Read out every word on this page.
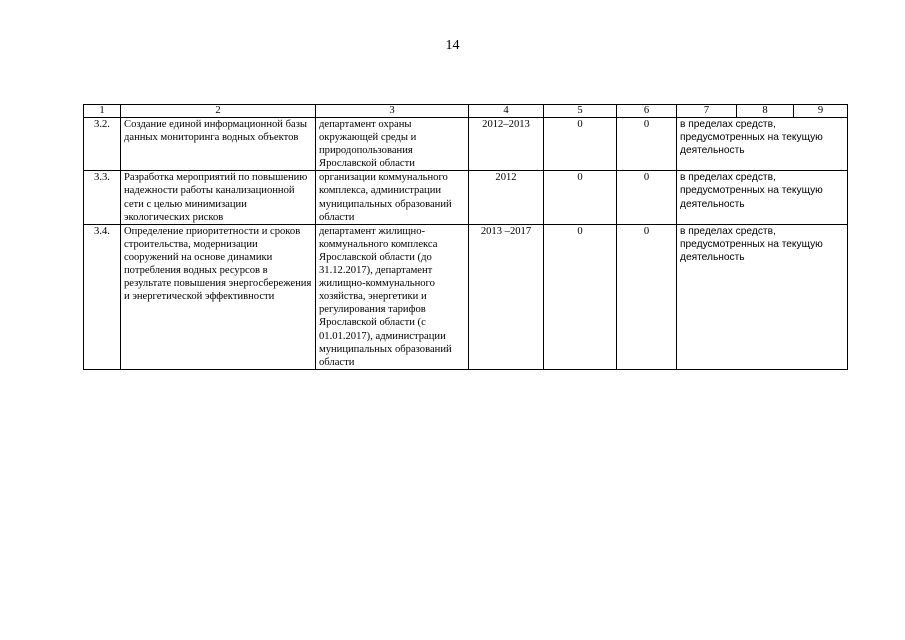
14
1	2	3	4	5	6	7	8	9
3.2.	Создание единой информационной базы данных мониторинга водных объектов	департамент охраны окружающей среды и природопользования Ярославской области	2012–2013	0	0	в пределах средств, предусмотренных на текущую деятельность		
3.3.	Разработка мероприятий по повышению надежности работы канализационной сети с целью минимизации экологических рисков	организации коммунального комплекса, администрации муниципальных образований области	2012	0	0	в пределах средств, предусмотренных на текущую деятельность		
3.4.	Определение приоритетности и сроков строительства, модернизации сооружений на основе динамики потребления водных ресурсов в результате повышения энергосбережения и энергетической эффективности	департамент жилищно-коммунального комплекса Ярославской области (до 31.12.2017), департамент жилищно-коммунального хозяйства, энергетики и регулирования тарифов Ярославской области (с 01.01.2017), администрации муниципальных образований области	2013 –2017	0	0	в пределах средств, предусмотренных на текущую деятельность		
